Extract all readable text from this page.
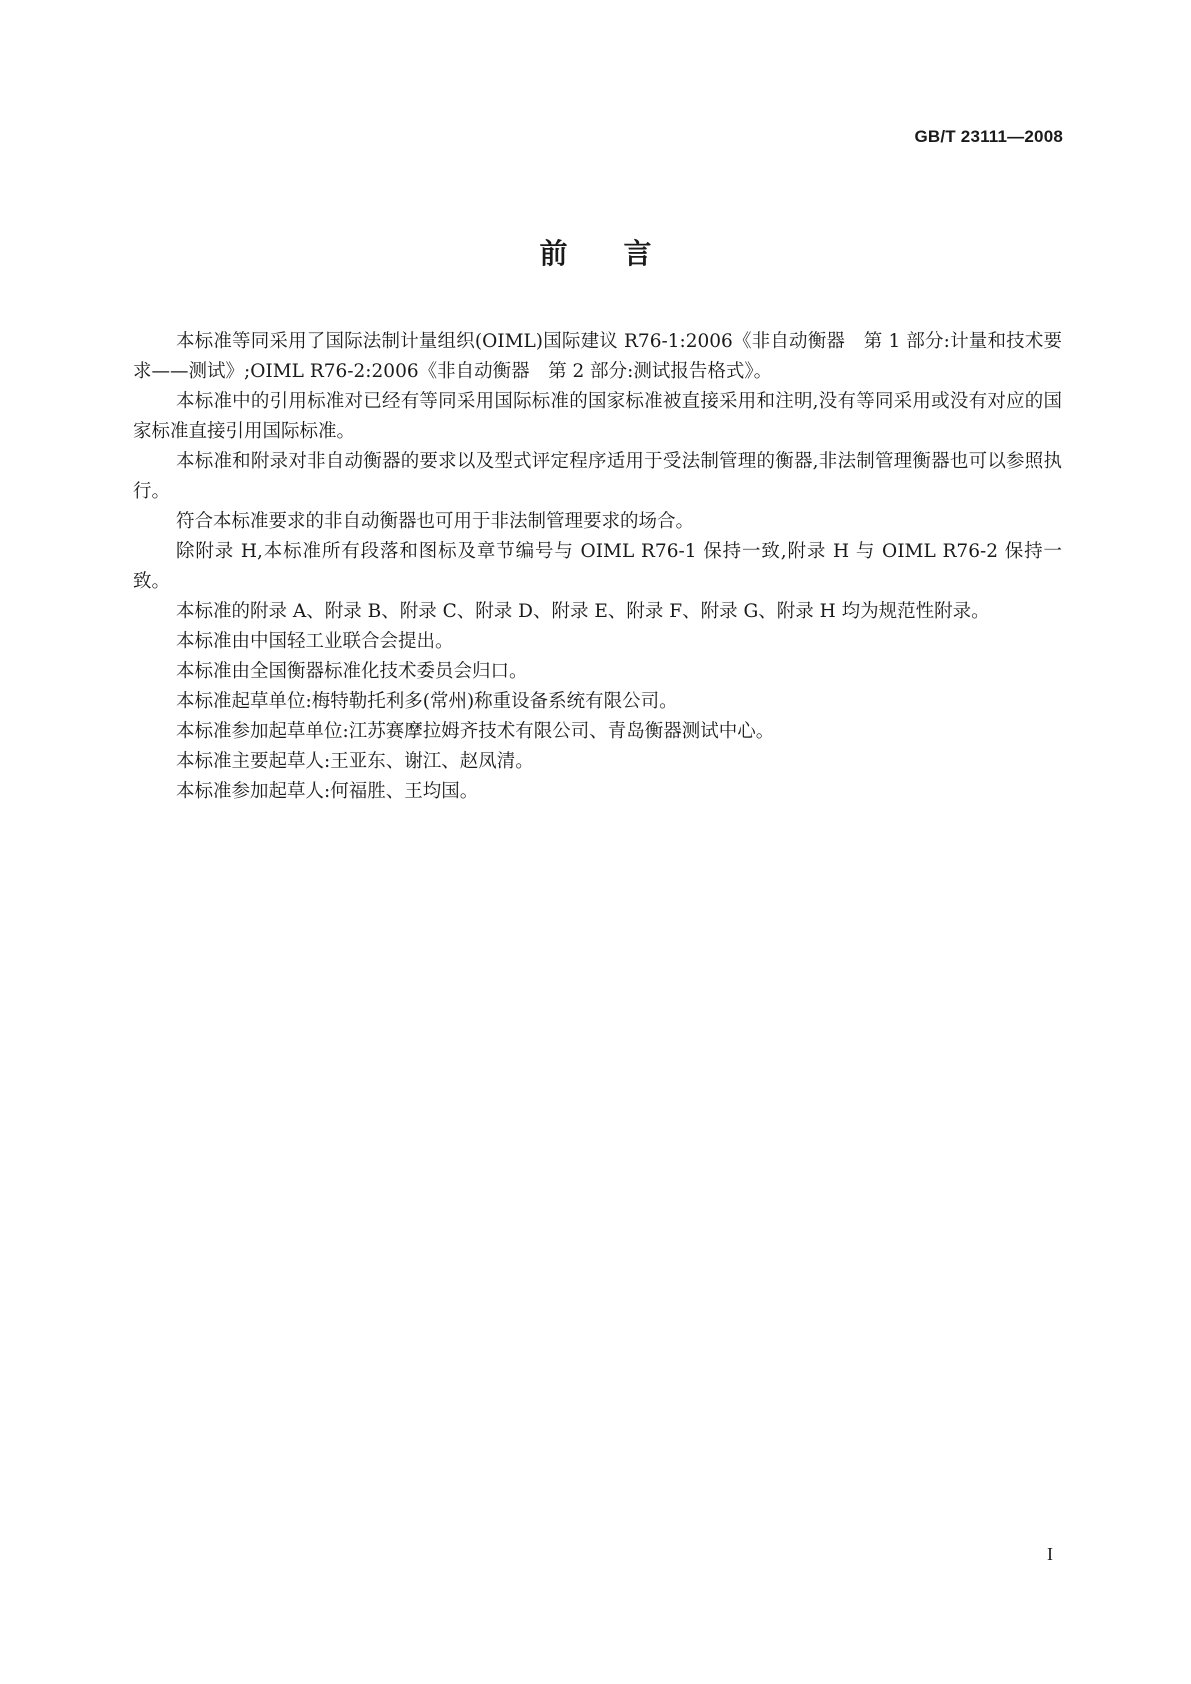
GB/T 23111—2008
前言

本标准等同采用了国际法制计量组织(OIML)国际建议 R76-1:2006《非自动衡器　第 1 部分:计量和技术要求——测试》;OIML R76-2:2006《非自动衡器　第 2 部分:测试报告格式》。

本标准中的引用标准对已经有等同采用国际标准的国家标准被直接采用和注明,没有等同采用或没有对应的国家标准直接引用国际标准。

本标准和附录对非自动衡器的要求以及型式评定程序适用于受法制管理的衡器,非法制管理衡器也可以参照执行。

符合本标准要求的非自动衡器也可用于非法制管理要求的场合。

除附录 H,本标准所有段落和图标及章节编号与 OIML R76-1 保持一致,附录 H 与 OIML R76-2 保持一致。

本标准的附录 A、附录 B、附录 C、附录 D、附录 E、附录 F、附录 G、附录 H 均为规范性附录。

本标准由中国轻工业联合会提出。

本标准由全国衡器标准化技术委员会归口。

本标准起草单位:梅特勒托利多(常州)称重设备系统有限公司。

本标准参加起草单位:江苏赛摩拉姆齐技术有限公司、青岛衡器测试中心。

本标准主要起草人:王亚东、谢江、赵凤清。

本标准参加起草人:何福胜、王均国。

I
